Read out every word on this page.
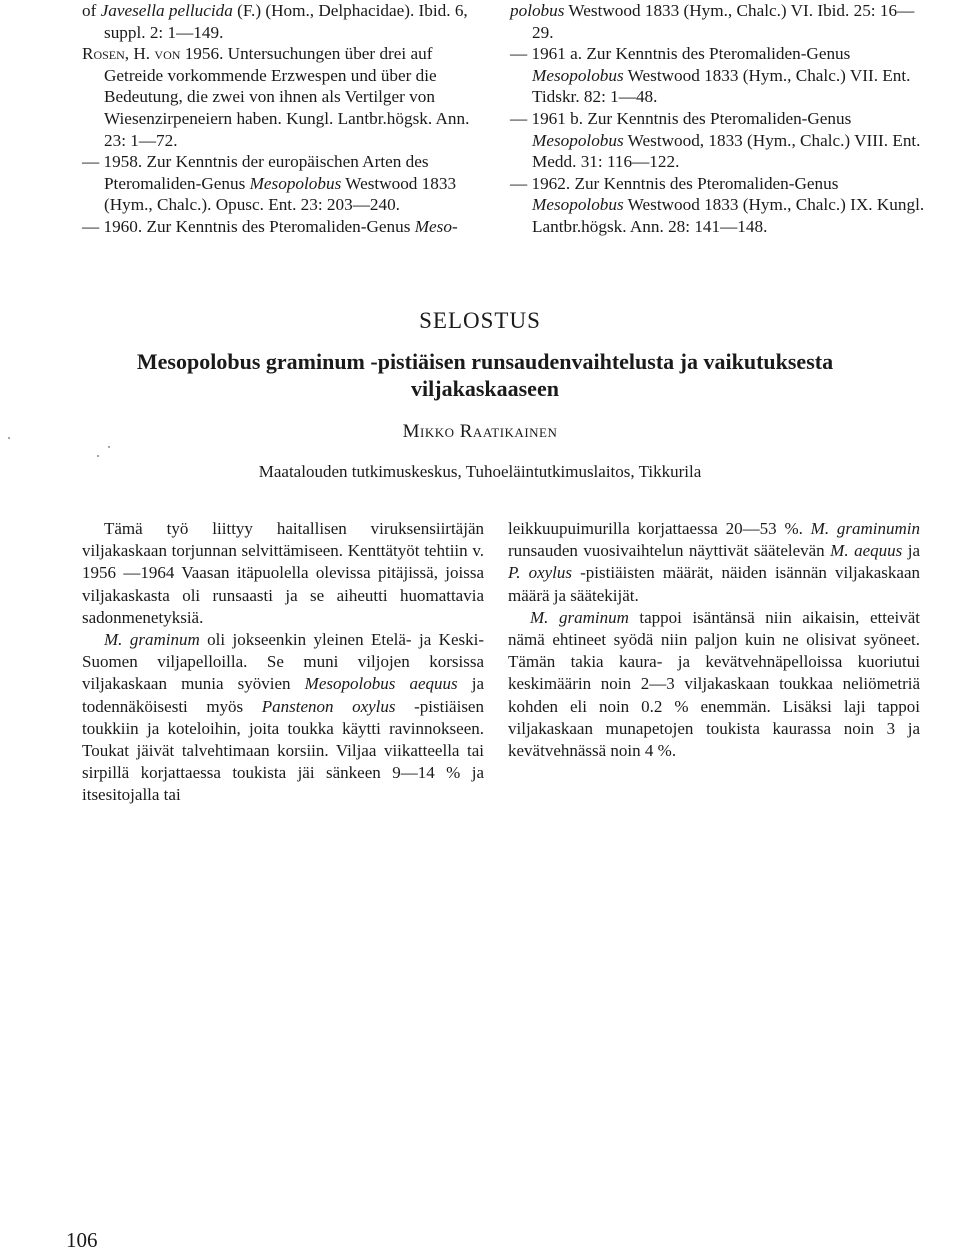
of Javesella pellucida (F.) (Hom., Delphacidae). Ibid. 6, suppl. 2: 1—149.

Rosen, H. von 1956. Untersuchungen über drei auf Getreide vorkommende Erzwespen und über die Bedeutung, die zwei von ihnen als Vertilger von Wiesenzirpeneiern haben. Kungl. Lantbr.högsk. Ann. 23: 1—72.

— 1958. Zur Kenntnis der europäischen Arten des Pteromaliden-Genus Mesopolobus Westwood 1833 (Hym., Chalc.). Opusc. Ent. 23: 203—240.

— 1960. Zur Kenntnis des Pteromaliden-Genus Meso-

polobus Westwood 1833 (Hym., Chalc.) VI. Ibid. 25: 16—29.

— 1961 a. Zur Kenntnis des Pteromaliden-Genus Mesopolobus Westwood 1833 (Hym., Chalc.) VII. Ent. Tidskr. 82: 1—48.

— 1961 b. Zur Kenntnis des Pteromaliden-Genus Mesopolobus Westwood, 1833 (Hym., Chalc.) VIII. Ent. Medd. 31: 116—122.

— 1962. Zur Kenntnis des Pteromaliden-Genus Mesopolobus Westwood 1833 (Hym., Chalc.) IX. Kungl. Lantbr.högsk. Ann. 28: 141—148.

SELOSTUS
Mesopolobus graminum -pistiäisen runsaudenvaihtelusta ja vaikutuksesta viljakaskaaseen
Mikko Raatikainen
Maatalouden tutkimuskeskus, Tuhoeläintutkimuslaitos, Tikkurila

Tämä työ liittyy haitallisen viruksensiirtäjän viljakaskaan torjunnan selvittämiseen. Kenttätyöt tehtiin v. 1956 —1964 Vaasan itäpuolella olevissa pitäjissä, joissa viljakaskasta oli runsaasti ja se aiheutti huomattavia sadonmenetyksiä.

M. graminum oli jokseenkin yleinen Etelä- ja Keski-Suomen viljapelloilla. Se muni viljojen korsissa viljakaskaan munia syövien Mesopolobus aequus ja todennäköisesti myös Panstenon oxylus -pistiäisen toukkiin ja koteloihin, joita toukka käytti ravinnokseen. Toukat jäivät talvehtimaan korsiin. Viljaa viikatteella tai sirpillä korjattaessa toukista jäi sänkeen 9—14 % ja itsesitojalla tai

leikkuupuimurilla korjattaessa 20—53 %. M. graminumin runsauden vuosivaihtelun näyttivät säätelevän M. aequus ja P. oxylus -pistiäisten määrät, näiden isännän viljakaskaan määrä ja säätekijät.

M. graminum tappoi isäntänsä niin aikaisin, etteivät nämä ehtineet syödä niin paljon kuin ne olisivat syöneet. Tämän takia kaura- ja kevätvehnäpelloissa kuoriutui keskimäärin noin 2—3 viljakaskaan toukkaa neliömetriä kohden eli noin 0.2 % enemmän. Lisäksi laji tappoi viljakaskaan munapetojen toukista kaurassa noin 3 ja kevätvehnässä noin 4 %.

106
